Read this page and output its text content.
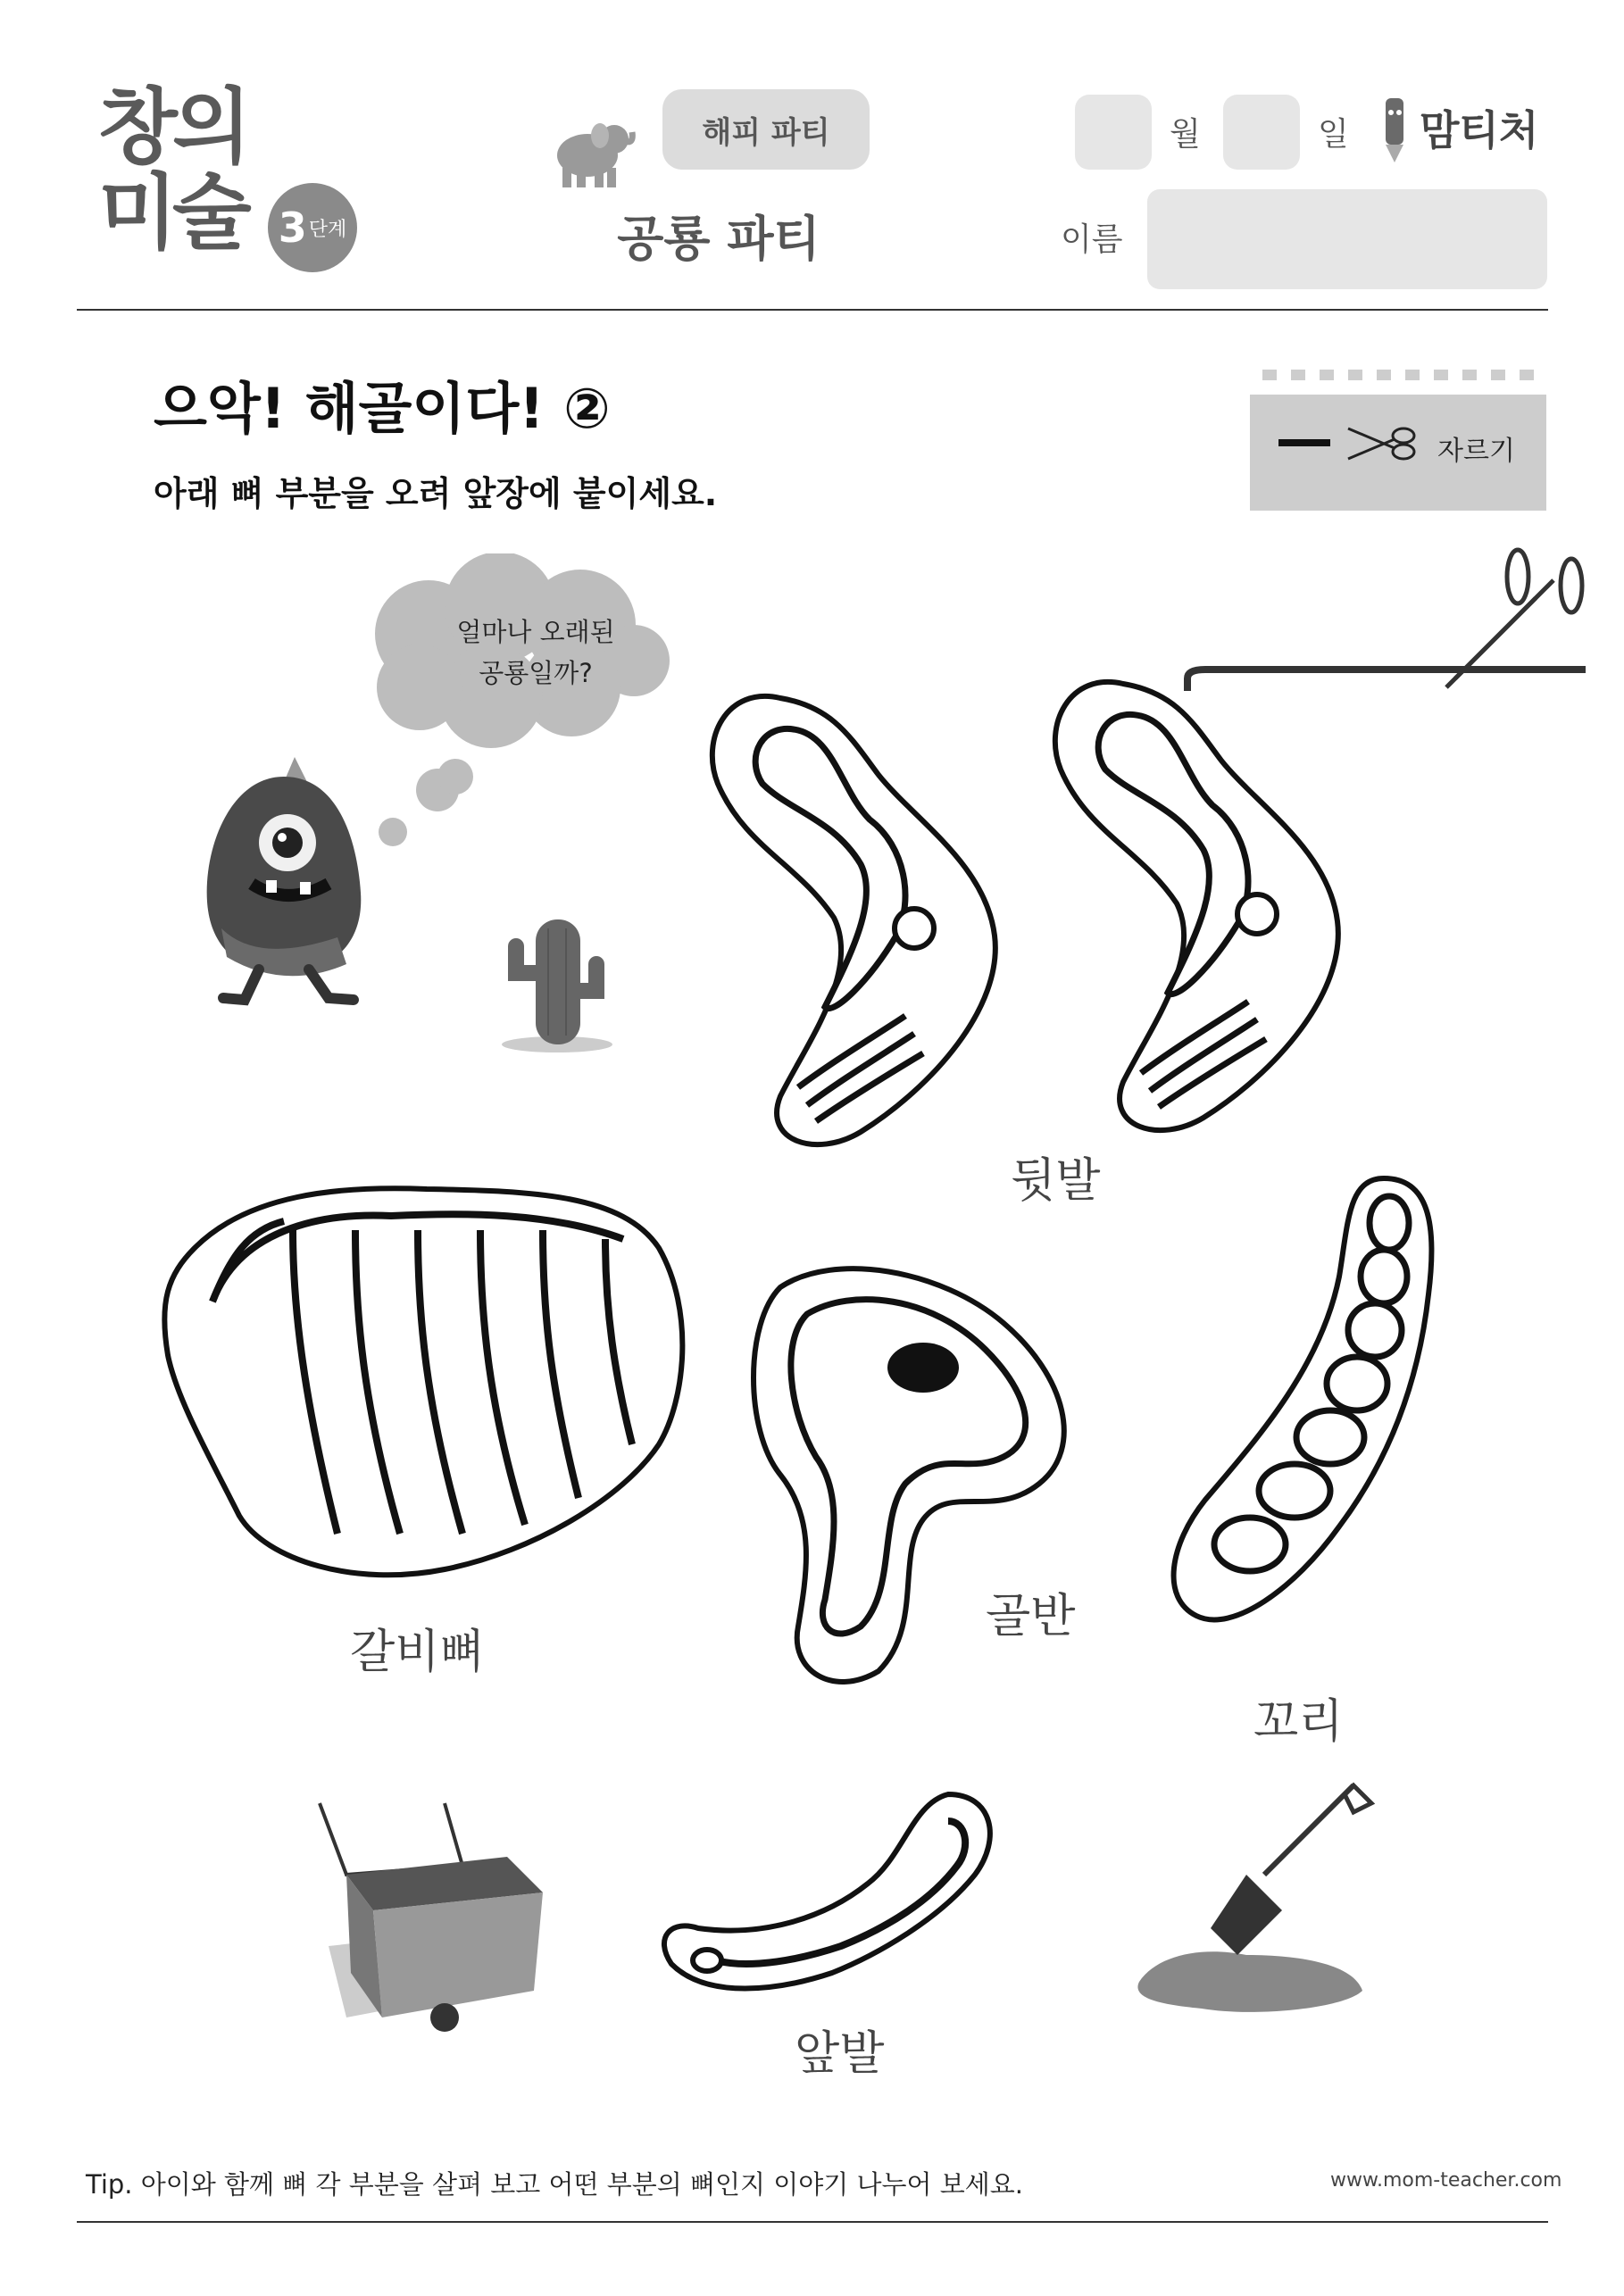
창의
미술 3 단계
해피 파티
공룡 파티
월	일 맘티처
이름
으악! 해골이다! ②
아래 뼈 부분을 오려 앞장에 붙이세요.
자르기
얼마나 오래된
공룡일까?
뒷발
갈비뼈
골반
꼬리
앞발
Tip. 아이와 함께 뼈 각 부분을 살펴 보고 어떤 부분의 뼈인지 이야기 나누어 보세요.	www.mom-teacher.com
